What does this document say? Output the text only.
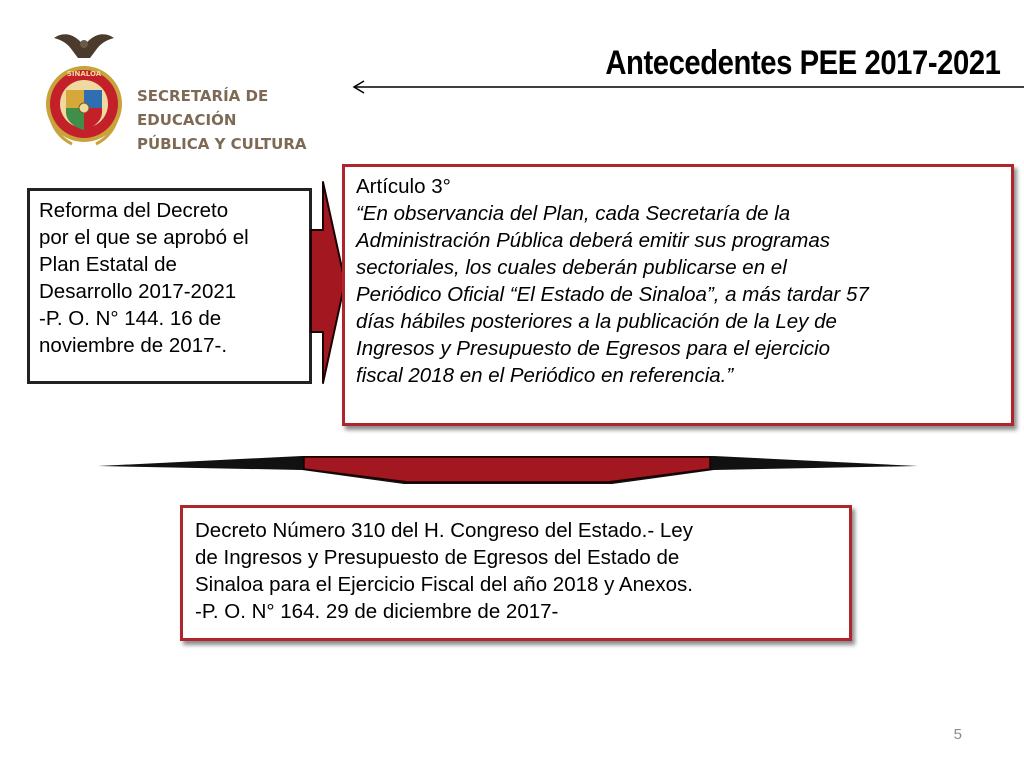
SINALOA
SECRETARÍA DE
EDUCACIÓN
PÚBLICA Y CULTURA
Antecedentes PEE 2017-2021
Reforma del Decreto
por el que se aprobó el
Plan Estatal de
Desarrollo 2017-2021
-P. O. N° 144. 16 de
noviembre de 2017-.
Artículo 3°
“En observancia del Plan, cada Secretaría de la
Administración Pública deberá emitir sus programas
sectoriales, los cuales deberán publicarse en el
Periódico Oficial “El Estado de Sinaloa”, a más tardar 57
días hábiles posteriores a la publicación de la Ley de
Ingresos y Presupuesto de Egresos para el ejercicio
fiscal 2018 en el Periódico en referencia.”
Decreto Número 310 del H. Congreso del Estado.- Ley
de Ingresos y Presupuesto de Egresos del Estado de
Sinaloa para el Ejercicio Fiscal del año 2018 y Anexos.
-P. O. N° 164. 29 de diciembre de 2017-
5
